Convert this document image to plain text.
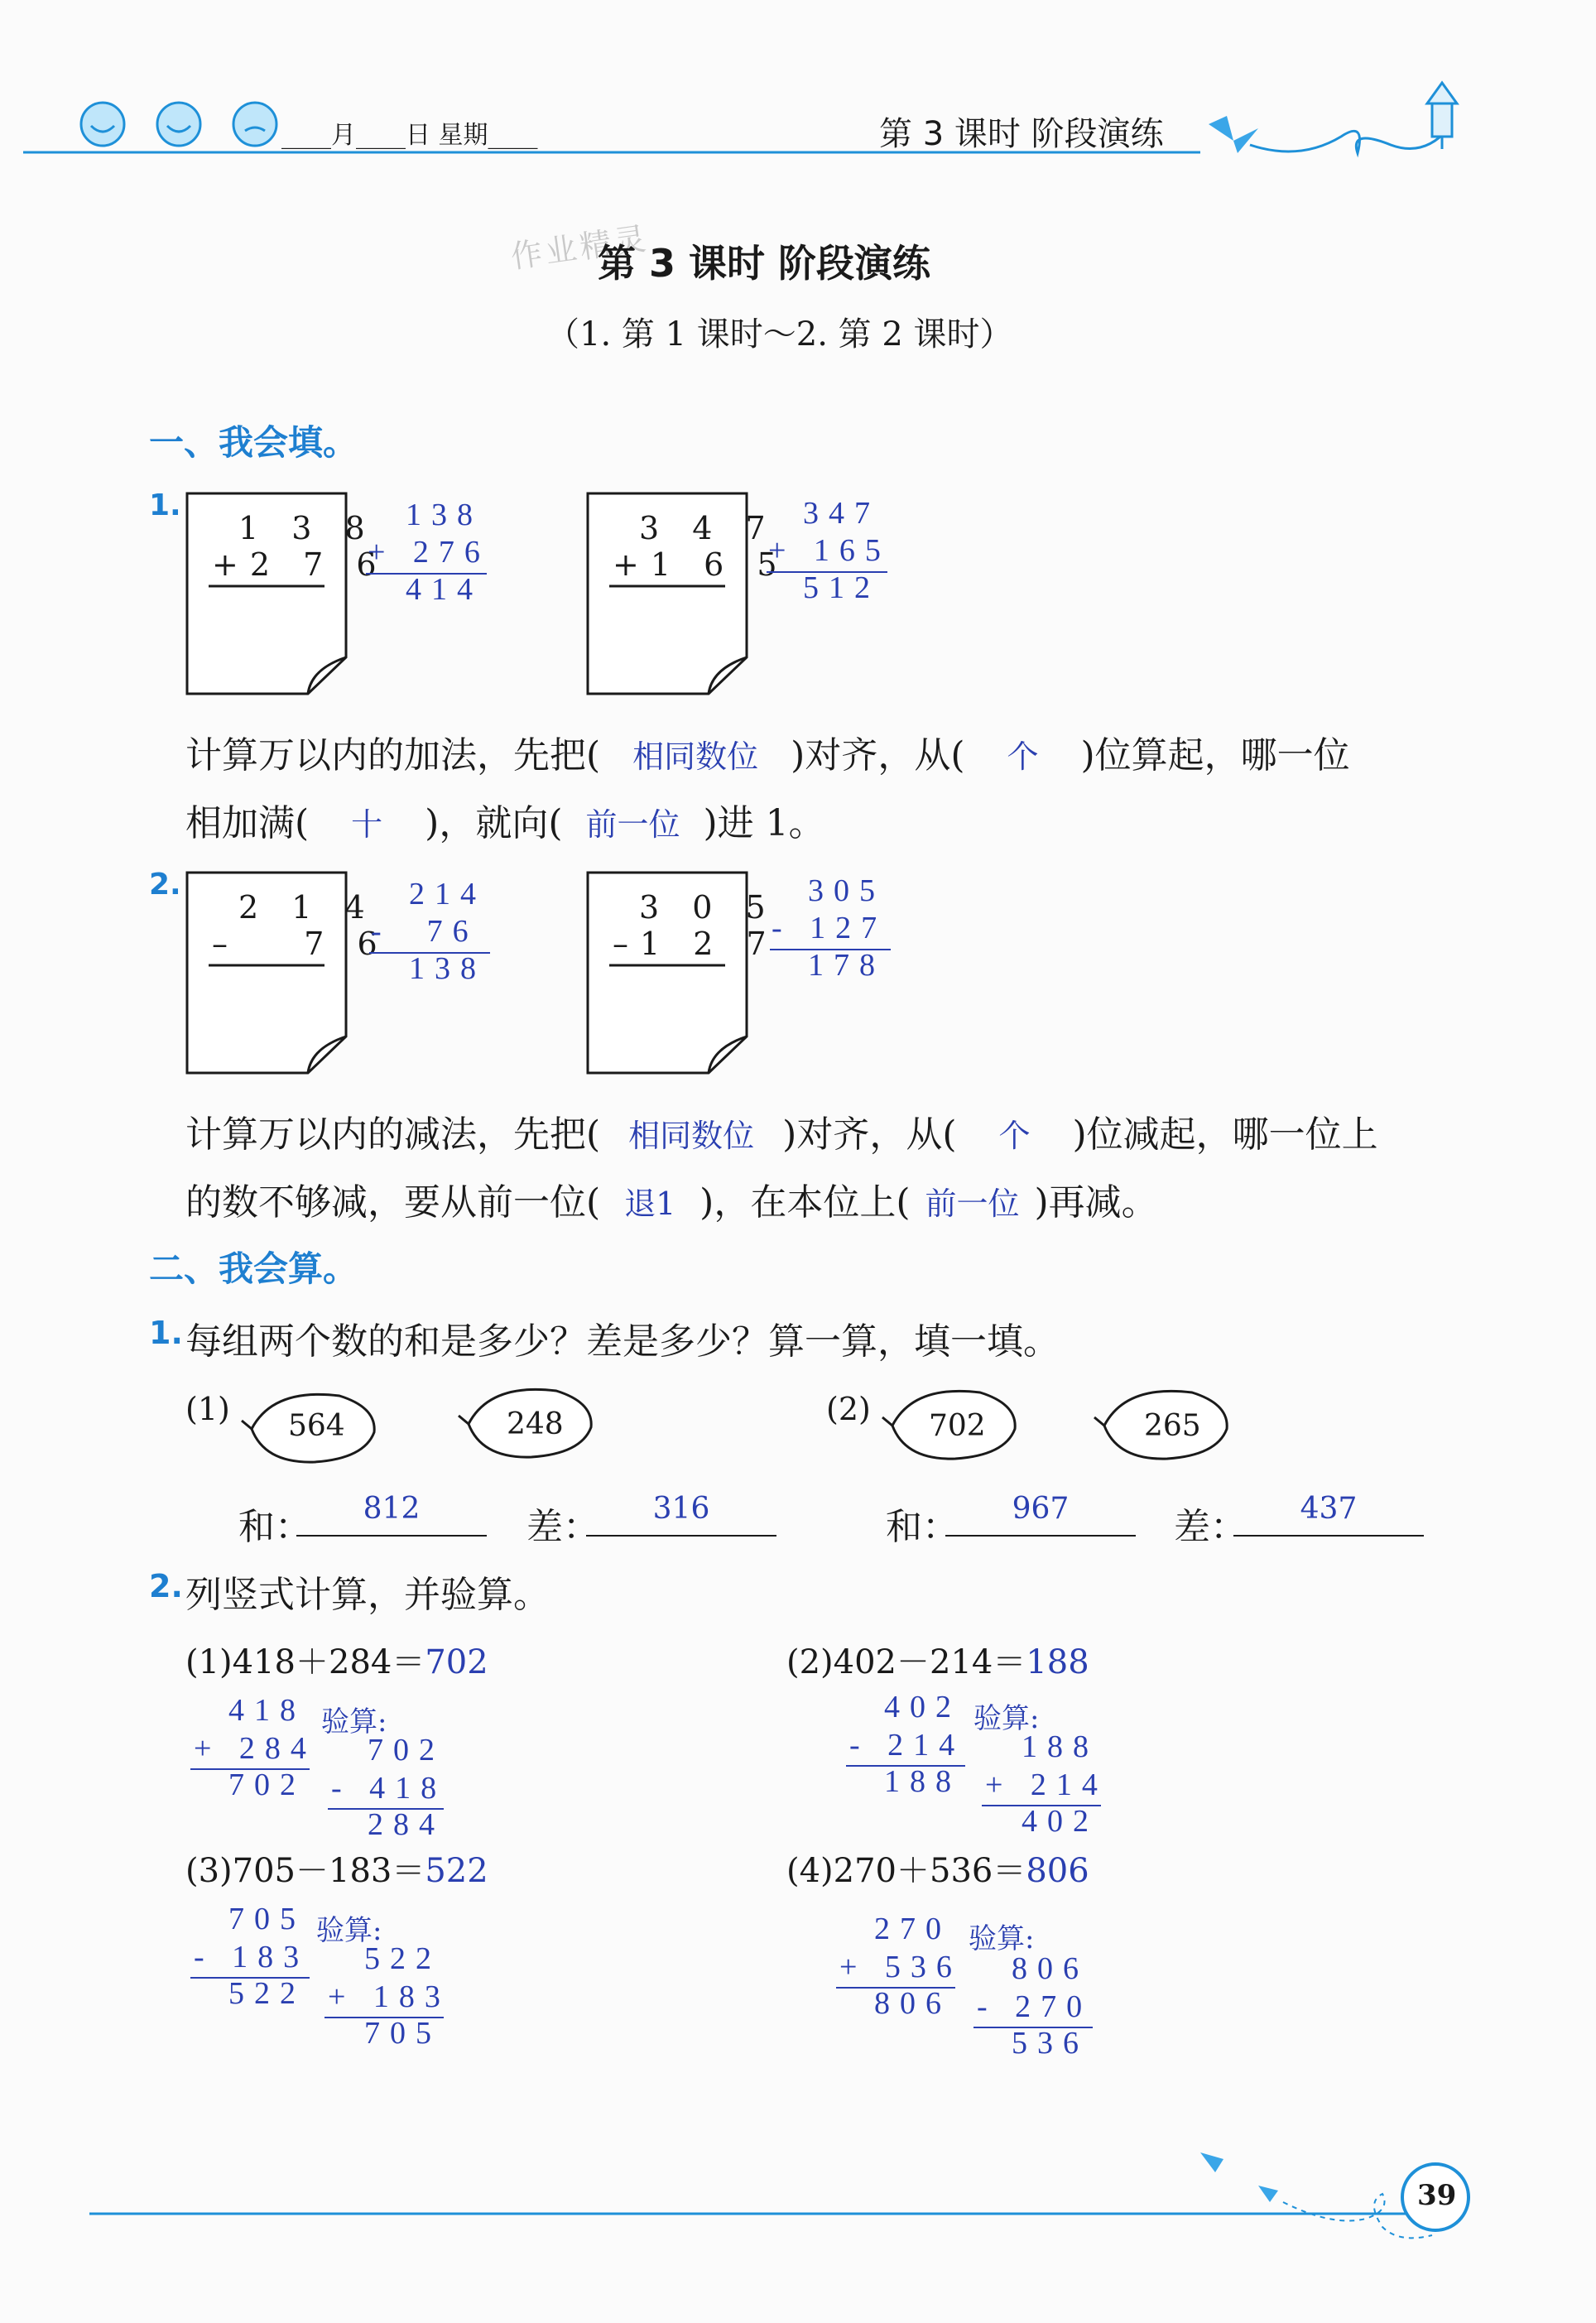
____月____日 星期____	第 3 课时 阶段演练
作业精灵
第 3 课时 阶段演练
（1. 第 1 课时～2. 第 2 课时）
一、我会填。
1.
1 3 8
+2 7 6
138
+ 276
414
3 4 7
+1 6 5
347
+ 165
512
计算万以内的加法，先把( 相同数位 )对齐，从( 个 )位算起，哪一位
相加满( 十 )，就向( 前一位 )进 1。
2.
2 1 4
–   7 6
214
-  76
138
3 0 5
–1 2 7
305
- 127
178
计算万以内的减法，先把( 相同数位 )对齐，从( 个 )位减起，哪一位上
的数不够减，要从前一位( 退1 )，在本位上( 前一位 )再减。
二、我会算。
1. 每组两个数的和是多少？差是多少？算一算，填一填。
(1) 564	248
和：	812	差：	316
(2) 702	265
和：	967	差：	437
2. 列竖式计算，并验算。
(1)418＋284＝702
418 验算:
+ 284
702
702
- 418
284
(2)402－214＝188
402 验算:
- 214
188
188
+ 214
402
(3)705－183＝522
705 验算:
- 183
522
522
+ 183
705
(4)270＋536＝806
270 验算:
+ 536
806
806
- 270
536
39
